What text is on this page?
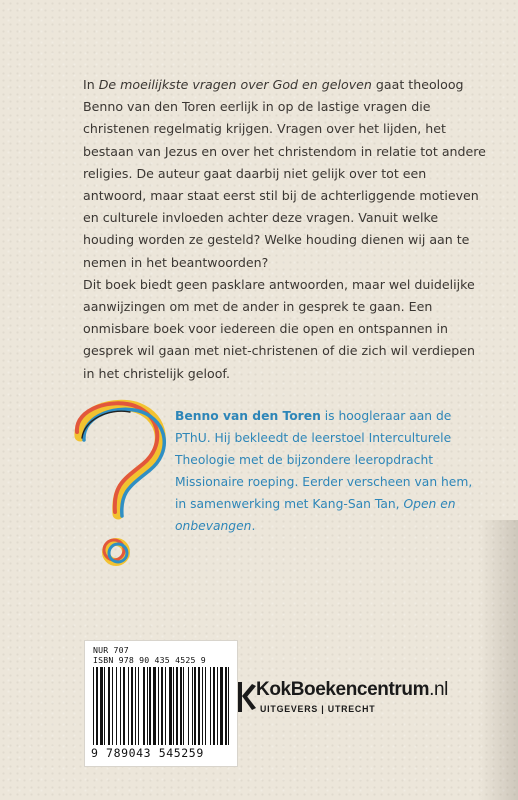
In De moeilijkste vragen over God en geloven gaat theoloog Benno van den Toren eerlijk in op de lastige vragen die christenen regelmatig krijgen. Vragen over het lijden, het bestaan van Jezus en over het christendom in relatie tot andere religies. De auteur gaat daarbij niet gelijk over tot een antwoord, maar staat eerst stil bij de achterliggende motieven en culturele invloeden achter deze vragen. Vanuit welke houding worden ze gesteld? Welke houding dienen wij aan te nemen in het beantwoorden?

Dit boek biedt geen pasklare antwoorden, maar wel duidelijke aanwijzingen om met de ander in gesprek te gaan. Een onmisbare boek voor iedereen die open en ontspannen in gesprek wil gaan met niet-christenen of die zich wil verdiepen in het christelijk geloof.

Benno van den Toren is hoogleraar aan de PThU. Hij bekleedt de leerstoel Interculturele Theologie met de bijzondere leeropdracht Missionaire roeping. Eerder verscheen van hem, in samenwerking met Kang-San Tan, Open en onbevangen.

NUR 707
ISBN 978 90 435 4525 9
9 789043 545259
KokBoekencentrum.nl
UITGEVERS | UTRECHT
